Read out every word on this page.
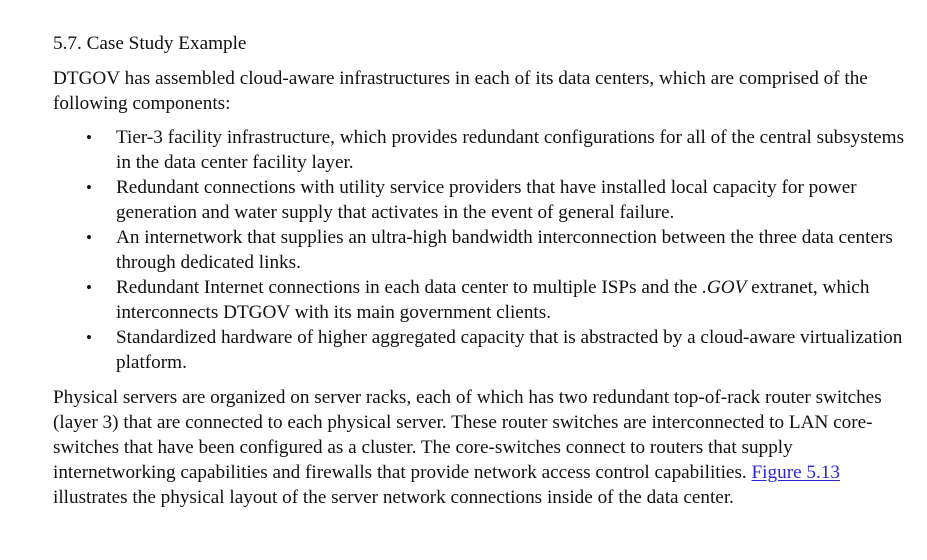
5.7. Case Study Example

DTGOV has assembled cloud-aware infrastructures in each of its data centers, which are comprised of the following components:

• Tier-3 facility infrastructure, which provides redundant configurations for all of the central subsystems in the data center facility layer.
• Redundant connections with utility service providers that have installed local capacity for power generation and water supply that activates in the event of general failure.
• An internetwork that supplies an ultra-high bandwidth interconnection between the three data centers through dedicated links.
• Redundant Internet connections in each data center to multiple ISPs and the .GOV extranet, which interconnects DTGOV with its main government clients.
• Standardized hardware of higher aggregated capacity that is abstracted by a cloud-aware virtualization platform.

Physical servers are organized on server racks, each of which has two redundant top-of-rack router switches (layer 3) that are connected to each physical server. These router switches are interconnected to LAN core-switches that have been configured as a cluster. The core-switches connect to routers that supply internetworking capabilities and firewalls that provide network access control capabilities. Figure 5.13 illustrates the physical layout of the server network connections inside of the data center.
